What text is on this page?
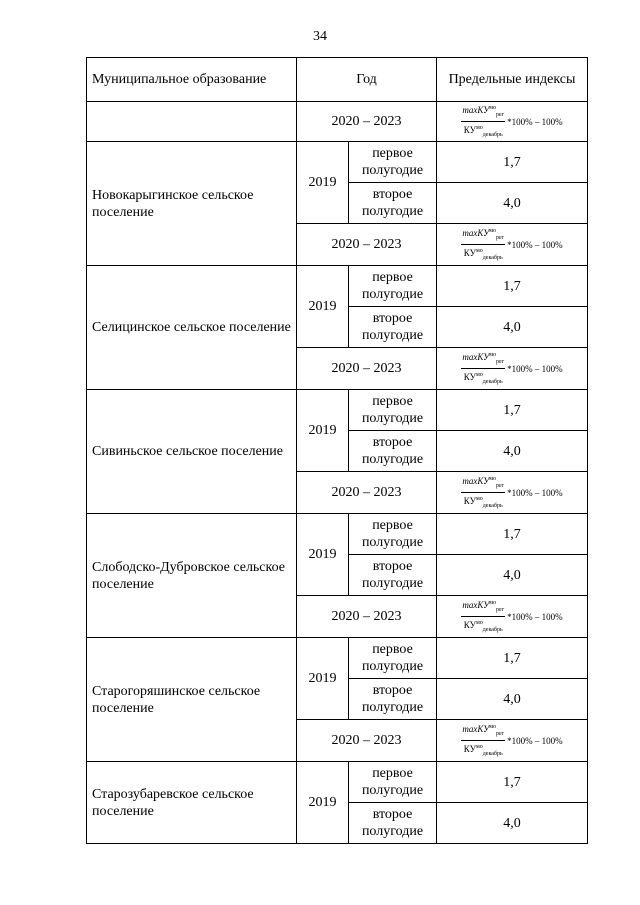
34
Муниципальное образование	Год		Предельные индексы
	2020 – 2023		$\frac{\max КУ^{мо}_{рег}}{КУ^{мо}_{декабрь}} *100\% - 100\%$

Новокарыгинское сельское поселение	2019	первое полугодие	1,7
		второе полугодие	4,0
	2020 – 2023		$\frac{\max КУ^{мо}_{рег}}{КУ^{мо}_{декабрь}} *100\% - 100\%$

Селицинское сельское поселение	2019	первое полугодие	1,7
		второе полугодие	4,0
	2020 – 2023		$\frac{\max КУ^{мо}_{рег}}{КУ^{мо}_{декабрь}} *100\% - 100\%$

Сивиньское сельское поселение	2019	первое полугодие	1,7
		второе полугодие	4,0
	2020 – 2023		$\frac{\max КУ^{мо}_{рег}}{КУ^{мо}_{декабрь}} *100\% - 100\%$

Слободско-Дубровское сельское поселение	2019	первое полугодие	1,7
		второе полугодие	4,0
	2020 – 2023		$\frac{\max КУ^{мо}_{рег}}{КУ^{мо}_{декабрь}} *100\% - 100\%$

Старогоряшинское сельское поселение	2019	первое полугодие	1,7
		второе полугодие	4,0
	2020 – 2023		$\frac{\max КУ^{мо}_{рег}}{КУ^{мо}_{декабрь}} *100\% - 100\%$

Старозубаревское сельское поселение	2019	первое полугодие	1,7
		второе полугодие	4,0
